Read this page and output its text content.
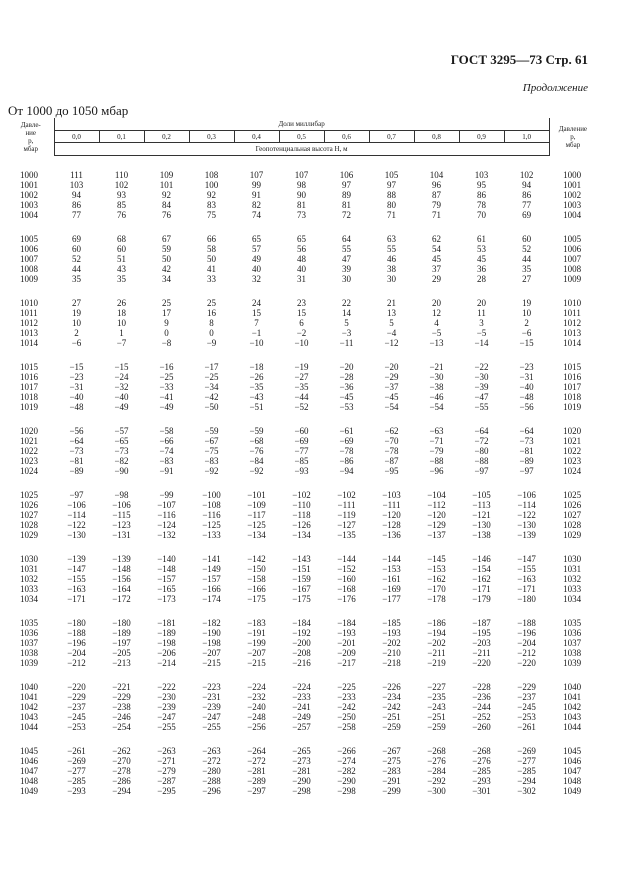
ГОСТ 3295—73 Стр. 61
Продолжение
От 1000 до 1050 мбар
Давле-
ние
p,
мбар	Доли миллибар											Давление
p,
мбар
	0,0	0,1	0,2	0,3	0,4	0,5	0,6	0,7	0,8	0,9	1,0	
	Геопотенциальная высота H, м											

1000	111	110	109	108	107	107	106	105	104	103	102	1000
1001	103	102	101	100	99	98	97	97	96	95	94	1001
1002	94	93	92	92	91	90	89	88	87	86	86	1002
1003	86	85	84	83	82	81	81	80	79	78	77	1003
1004	77	76	76	75	74	73	72	71	71	70	69	1004

1005	69	68	67	66	65	65	64	63	62	61	60	1005
1006	60	60	59	58	57	56	55	55	54	53	52	1006
1007	52	51	50	50	49	48	47	46	45	45	44	1007
1008	44	43	42	41	40	40	39	38	37	36	35	1008
1009	35	35	34	33	32	31	30	30	29	28	27	1009

1010	27	26	25	25	24	23	22	21	20	20	19	1010
1011	19	18	17	16	15	15	14	13	12	11	10	1011
1012	10	10	9	8	7	6	5	5	4	3	2	1012
1013	2	1	0	0	−1	−2	−3	−4	−5	−5	−6	1013
1014	−6	−7	−8	−9	−10	−10	−11	−12	−13	−14	−15	1014

1015	−15	−15	−16	−17	−18	−19	−20	−20	−21	−22	−23	1015
1016	−23	−24	−25	−25	−26	−27	−28	−29	−30	−30	−31	1016
1017	−31	−32	−33	−34	−35	−35	−36	−37	−38	−39	−40	1017
1018	−40	−40	−41	−42	−43	−44	−45	−45	−46	−47	−48	1018
1019	−48	−49	−49	−50	−51	−52	−53	−54	−54	−55	−56	1019

1020	−56	−57	−58	−59	−59	−60	−61	−62	−63	−64	−64	1020
1021	−64	−65	−66	−67	−68	−69	−69	−70	−71	−72	−73	1021
1022	−73	−73	−74	−75	−76	−77	−78	−78	−79	−80	−81	1022
1023	−81	−82	−83	−83	−84	−85	−86	−87	−88	−88	−89	1023
1024	−89	−90	−91	−92	−92	−93	−94	−95	−96	−97	−97	1024

1025	−97	−98	−99	−100	−101	−102	−102	−103	−104	−105	−106	1025
1026	−106	−106	−107	−108	−109	−110	−111	−111	−112	−113	−114	1026
1027	−114	−115	−116	−116	−117	−118	−119	−120	−120	−121	−122	1027
1028	−122	−123	−124	−125	−125	−126	−127	−128	−129	−130	−130	1028
1029	−130	−131	−132	−133	−134	−134	−135	−136	−137	−138	−139	1029

1030	−139	−139	−140	−141	−142	−143	−144	−144	−145	−146	−147	1030
1031	−147	−148	−148	−149	−150	−151	−152	−153	−153	−154	−155	1031
1032	−155	−156	−157	−157	−158	−159	−160	−161	−162	−162	−163	1032
1033	−163	−164	−165	−166	−166	−167	−168	−169	−170	−171	−171	1033
1034	−171	−172	−173	−174	−175	−175	−176	−177	−178	−179	−180	1034

1035	−180	−180	−181	−182	−183	−184	−184	−185	−186	−187	−188	1035
1036	−188	−189	−189	−190	−191	−192	−193	−193	−194	−195	−196	1036
1037	−196	−197	−198	−198	−199	−200	−201	−202	−202	−203	−204	1037
1038	−204	−205	−206	−207	−207	−208	−209	−210	−211	−211	−212	1038
1039	−212	−213	−214	−215	−215	−216	−217	−218	−219	−220	−220	1039

1040	−220	−221	−222	−223	−224	−224	−225	−226	−227	−228	−229	1040
1041	−229	−229	−230	−231	−232	−233	−233	−234	−235	−236	−237	1041
1042	−237	−238	−239	−239	−240	−241	−242	−242	−243	−244	−245	1042
1043	−245	−246	−247	−247	−248	−249	−250	−251	−251	−252	−253	1043
1044	−253	−254	−255	−255	−256	−257	−258	−259	−259	−260	−261	1044

1045	−261	−262	−263	−263	−264	−265	−266	−267	−268	−268	−269	1045
1046	−269	−270	−271	−272	−272	−273	−274	−275	−276	−276	−277	1046
1047	−277	−278	−279	−280	−281	−281	−282	−283	−284	−285	−285	1047
1048	−285	−286	−287	−288	−289	−290	−290	−291	−292	−293	−294	1048
1049	−293	−294	−295	−296	−297	−298	−298	−299	−300	−301	−302	1049
